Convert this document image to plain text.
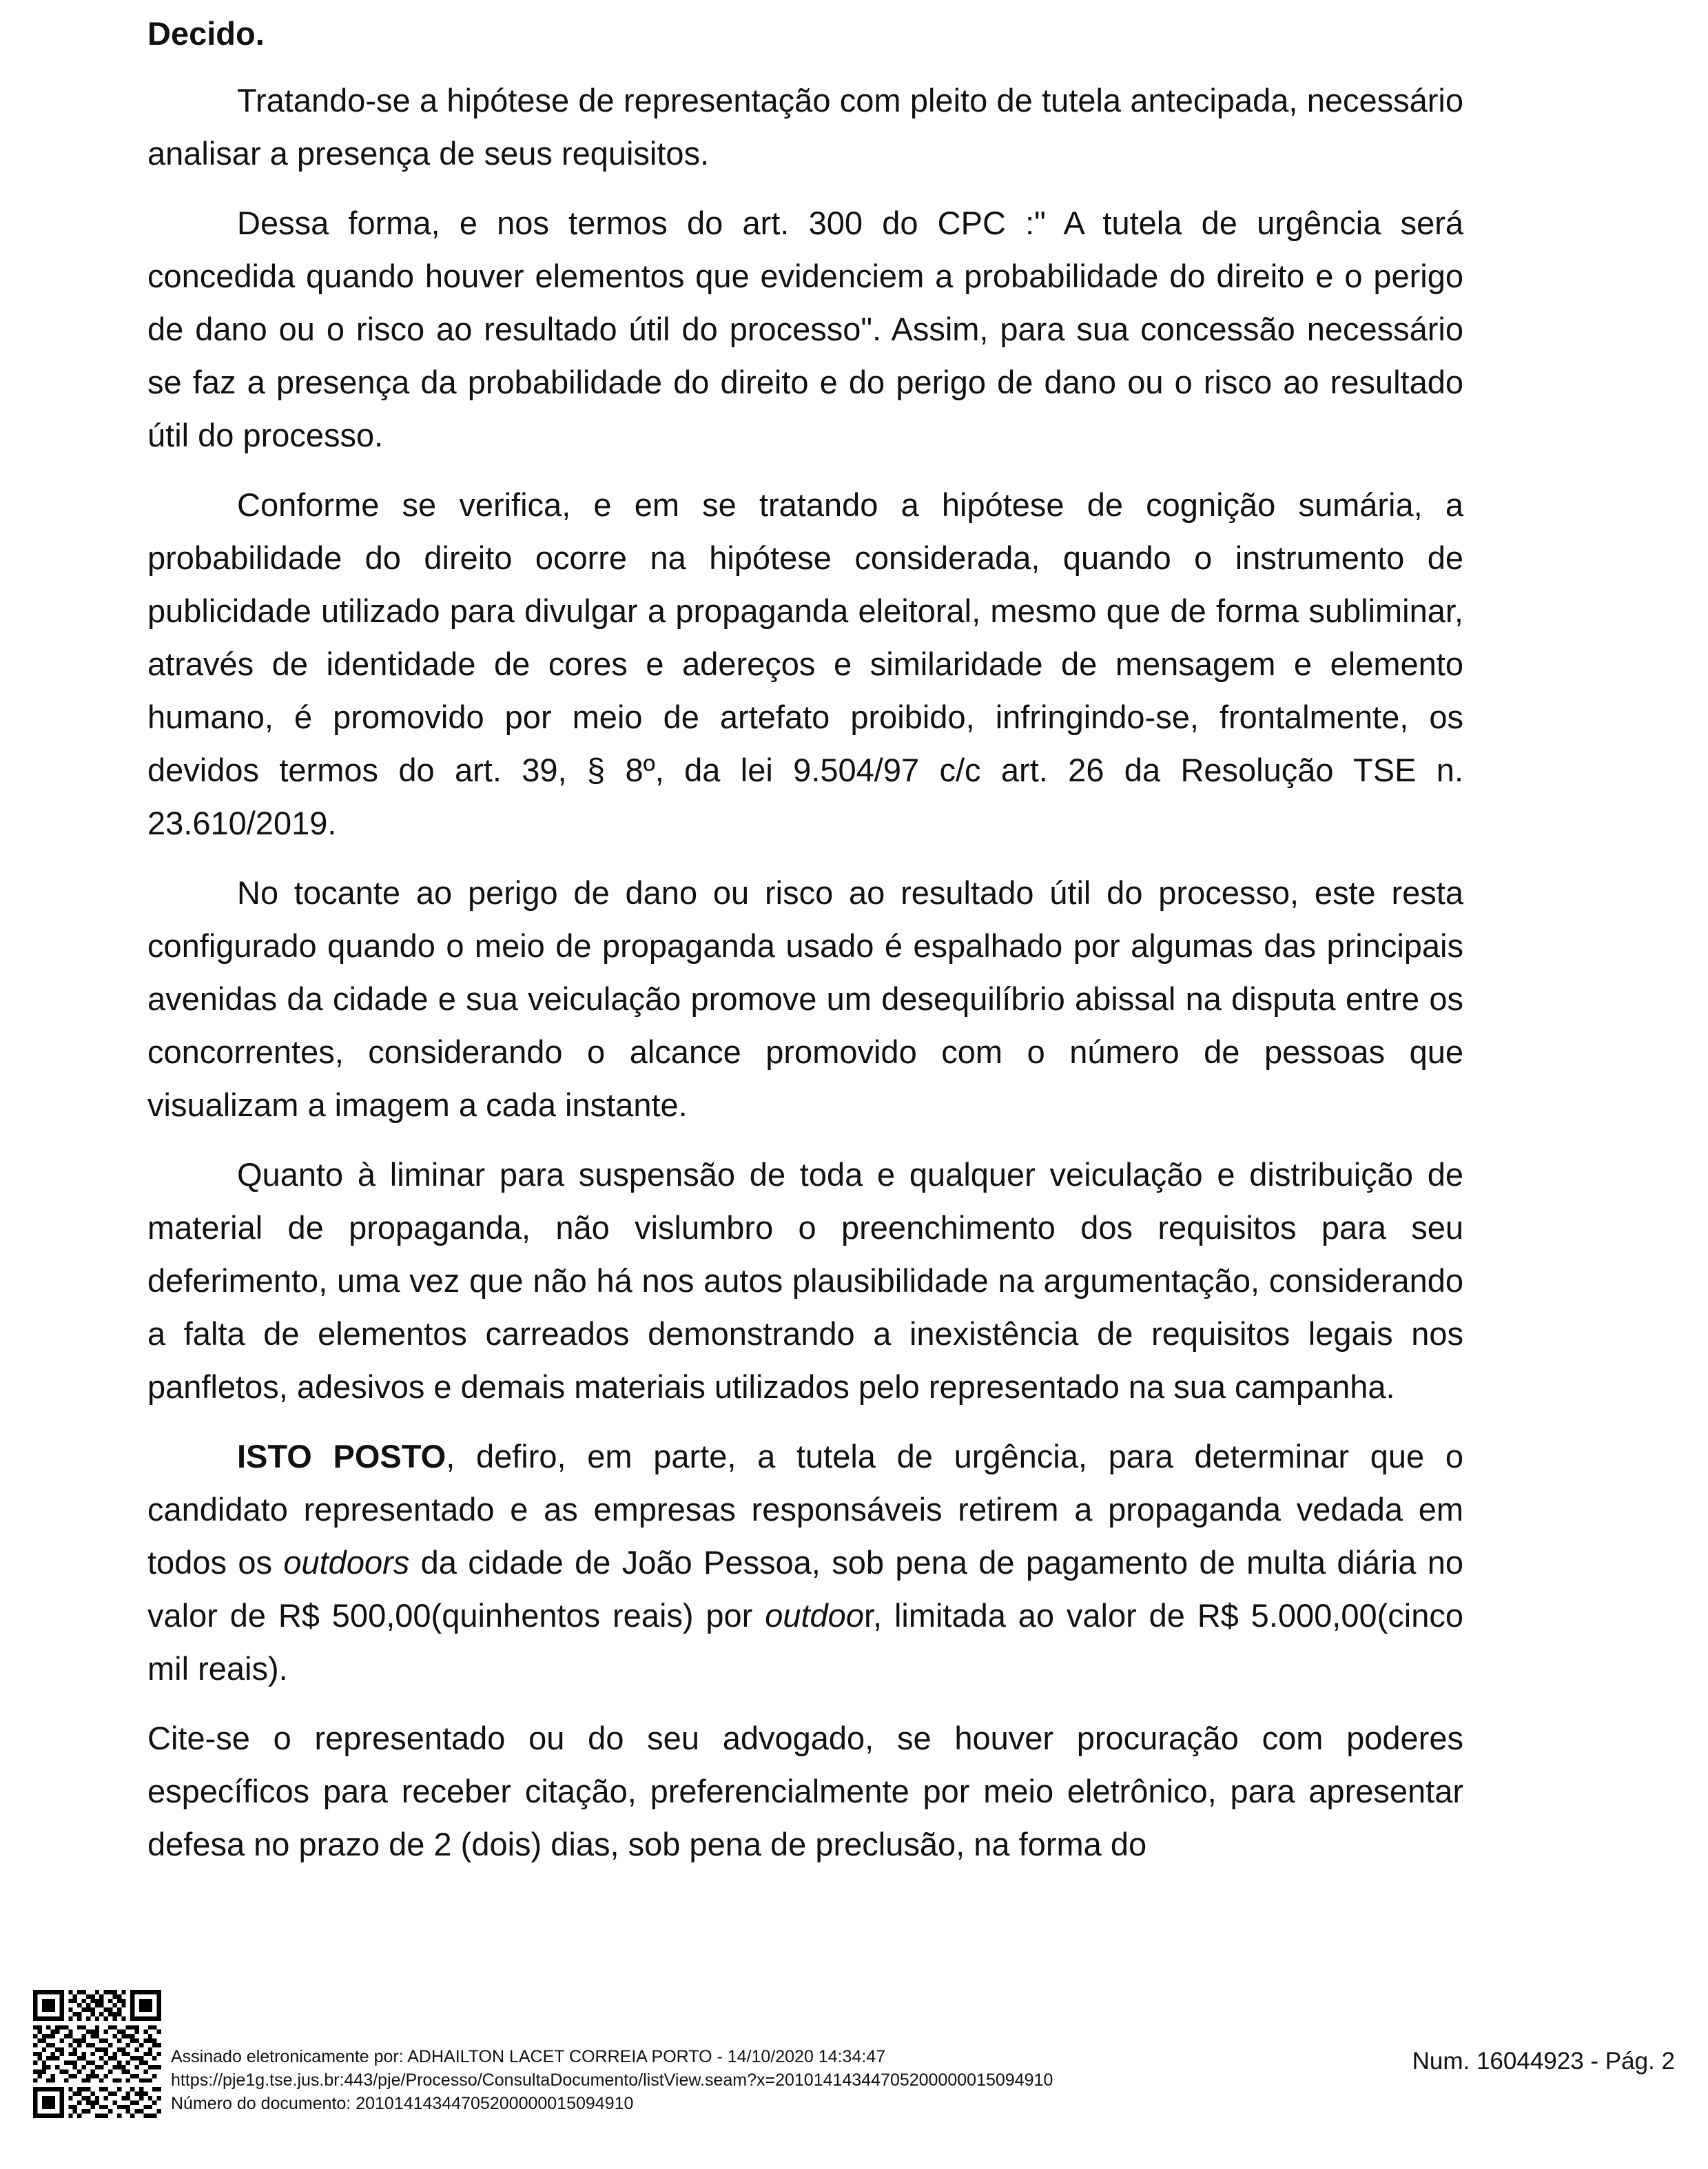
Decido.

Tratando-se a hipótese de representação com pleito de tutela antecipada, necessário analisar a presença de seus requisitos.

Dessa forma, e nos termos do art. 300 do CPC :" A tutela de urgência será concedida quando houver elementos que evidenciem a probabilidade do direito e o perigo de dano ou o risco ao resultado útil do processo". Assim, para sua concessão necessário se faz a presença da probabilidade do direito e do perigo de dano ou o risco ao resultado útil do processo.

Conforme se verifica, e em se tratando a hipótese de cognição sumária, a probabilidade do direito ocorre na hipótese considerada, quando o instrumento de publicidade utilizado para divulgar a propaganda eleitoral, mesmo que de forma subliminar, através de identidade de cores e adereços e similaridade de mensagem e elemento humano, é promovido por meio de artefato proibido, infringindo-se, frontalmente, os devidos termos do art. 39, § 8º, da lei 9.504/97 c/c art. 26 da Resolução TSE n. 23.610/2019.

No tocante ao perigo de dano ou risco ao resultado útil do processo, este resta configurado quando o meio de propaganda usado é espalhado por algumas das principais avenidas da cidade e sua veiculação promove um desequilíbrio abissal na disputa entre os concorrentes, considerando o alcance promovido com o número de pessoas que visualizam a imagem a cada instante.

Quanto à liminar para suspensão de toda e qualquer veiculação e distribuição de material de propaganda, não vislumbro o preenchimento dos requisitos para seu deferimento, uma vez que não há nos autos plausibilidade na argumentação, considerando a falta de elementos carreados demonstrando a inexistência de requisitos legais nos panfletos, adesivos e demais materiais utilizados pelo representado na sua campanha.

ISTO POSTO, defiro, em parte, a tutela de urgência, para determinar que o candidato representado e as empresas responsáveis retirem a propaganda vedada em todos os outdoors da cidade de João Pessoa, sob pena de pagamento de multa diária no valor de R$ 500,00(quinhentos reais) por outdoor, limitada ao valor de R$ 5.000,00(cinco mil reais).

Cite-se o representado ou do seu advogado, se houver procuração com poderes específicos para receber citação, preferencialmente por meio eletrônico, para apresentar defesa no prazo de 2 (dois) dias, sob pena de preclusão, na forma do

Assinado eletronicamente por: ADHAILTON LACET CORREIA PORTO - 14/10/2020 14:34:47
https://pje1g.tse.jus.br:443/pje/Processo/ConsultaDocumento/listView.seam?x=20101414344705200000015094910
Número do documento: 20101414344705200000015094910
Num. 16044923 - Pág. 2
